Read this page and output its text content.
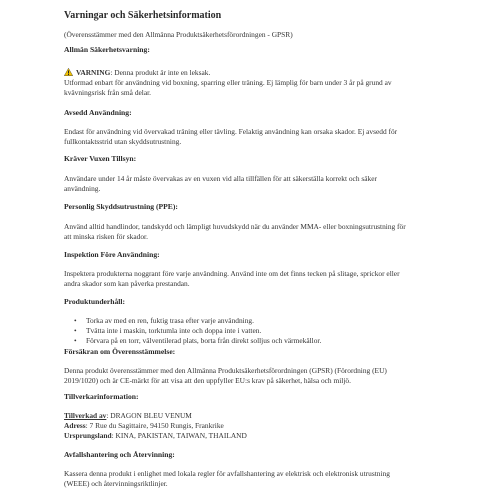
Varningar och Säkerhetsinformation
(Överensstämmer med den Allmänna Produktsäkerhetsförordningen - GPSR)
Allmän Säkerhetsvarning:
VARNING: Denna produkt är inte en leksak.
Utformad enbart för användning vid boxning, sparring eller träning. Ej lämplig för barn under 3 år på grund av
kvävningsrisk från små delar.
Avsedd Användning:
Endast för användning vid övervakad träning eller tävling. Felaktig användning kan orsaka skador. Ej avsedd för
fullkontaktsstrid utan skyddsutrustning.
Kräver Vuxen Tillsyn:
Användare under 14 år måste övervakas av en vuxen vid alla tillfällen för att säkerställa korrekt och säker
användning.
Personlig Skyddsutrustning (PPE):
Använd alltid handlindor, tandskydd och lämpligt huvudskydd när du använder MMA- eller boxningsutrustning för
att minska risken för skador.
Inspektion Före Användning:
Inspektera produkterna noggrant före varje användning. Använd inte om det finns tecken på slitage, sprickor eller
andra skador som kan påverka prestandan.
Produktunderhåll:
• Torka av med en ren, fuktig trasa efter varje användning.
• Tvätta inte i maskin, torktumla inte och doppa inte i vatten.
• Förvara på en torr, välventilerad plats, borta från direkt solljus och värmekällor.
Försäkran om Överensstämmelse:
Denna produkt överensstämmer med den Allmänna Produktsäkerhetsförordningen (GPSR) (Förordning (EU)
2019/1020) och är CE-märkt för att visa att den uppfyller EU:s krav på säkerhet, hälsa och miljö.
Tillverkarinformation:
Tillverkad av: DRAGON BLEU VENUM
Adress: 7 Rue du Sagittaire, 94150 Rungis, Frankrike
Ursprungsland: KINA, PAKISTAN, TAIWAN, THAILAND
Avfallshantering och Återvinning:
Kassera denna produkt i enlighet med lokala regler för avfallshantering av elektrisk och elektronisk utrustning
(WEEE) och återvinningsriktlinjer.
